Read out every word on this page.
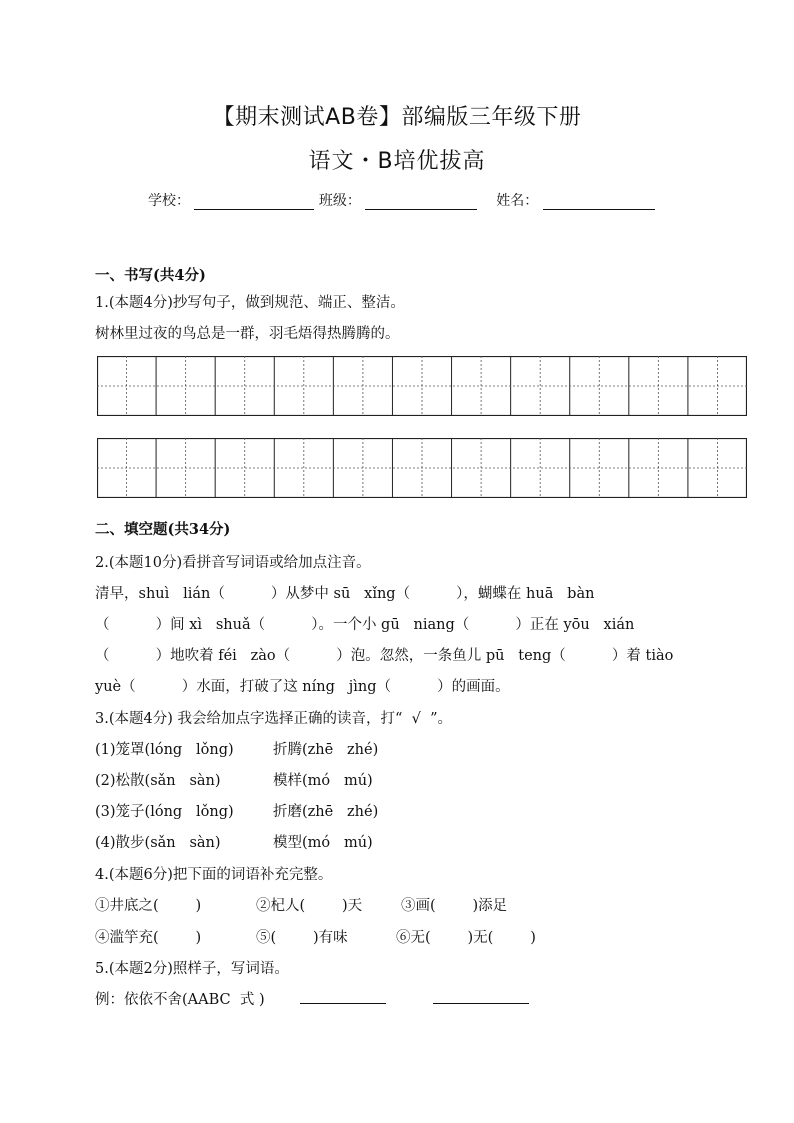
【期末测试AB卷】部编版三年级下册
语文・B培优拔高
学校：	班级：	姓名：
一、书写(共4分)
1.(本题4分)抄写句子，做到规范、端正、整洁。
树林里过夜的鸟总是一群，羽毛焐得热腾腾的。
二、填空题(共34分)
2.(本题10分)看拼音写词语或给加点注音。
清早，shuì   lián（          ）从梦中 sū   xǐng（          ），蝴蝶在 huā   bàn
（          ）间 xì   shuǎ（          ）。一个小 gū   niang（          ）正在 yōu   xián
（          ）地吹着 féi   zào（          ）泡。忽然，一条鱼儿 pū   teng（          ）着 tiào
yuè（          ）水面，打破了这 níng   jìng（          ）的画面。
3.(本题4分) 我会给加点字选择正确的读音，打“  √  ”。
(1)笼罩(lóng   lǒng)	折腾(zhē   zhé)
(2)松散(sǎn   sàn)	模样(mó   mú)
(3)笼子(lóng   lǒng)	折磨(zhē   zhé)
(4)散步(sǎn   sàn)	模型(mó   mú)
4.(本题6分)把下面的词语补充完整。
①井底之(        )	②杞人(        )天	③画(        )添足
④滥竽充(        )	⑤(        )有味	⑥无(        )无(        )
5.(本题2分)照样子，写词语。
例：依依不舍(AABC  式 )
